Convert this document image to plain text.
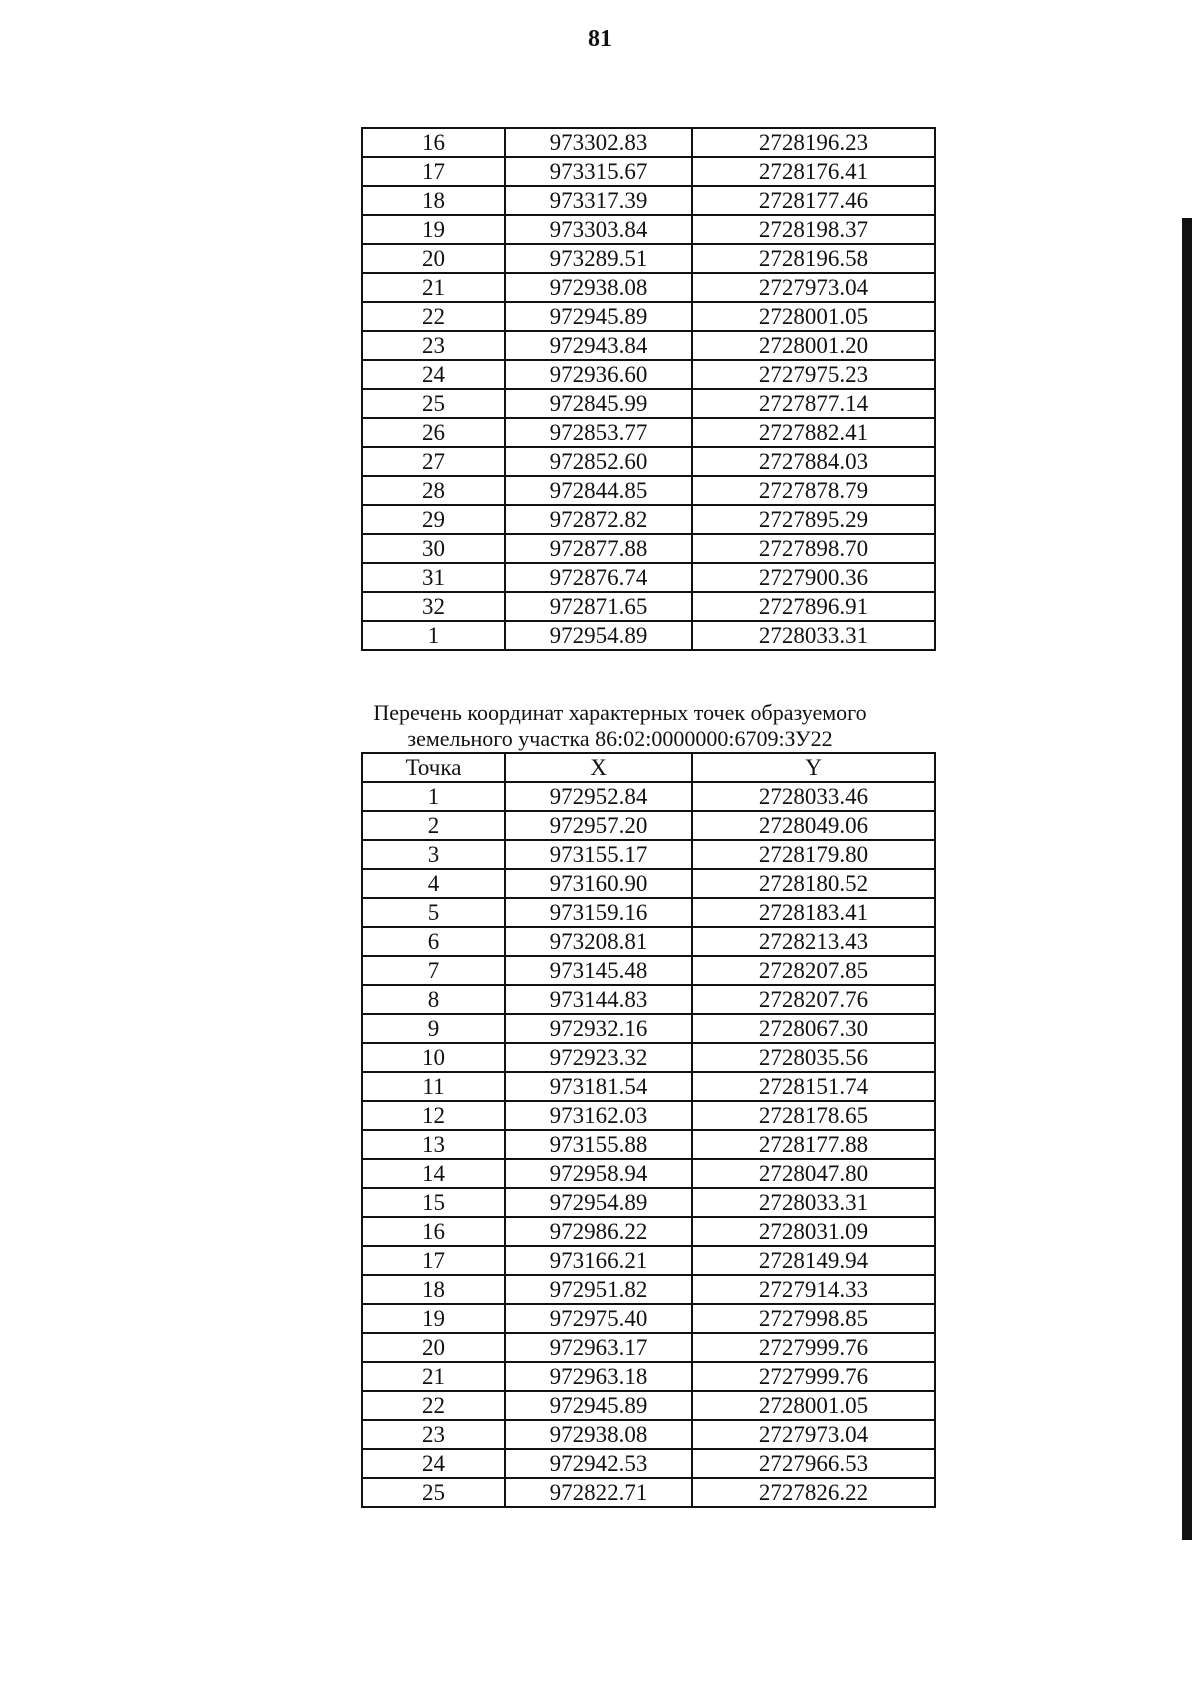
81
16	973302.83	2728196.23
17	973315.67	2728176.41
18	973317.39	2728177.46
19	973303.84	2728198.37
20	973289.51	2728196.58
21	972938.08	2727973.04
22	972945.89	2728001.05
23	972943.84	2728001.20
24	972936.60	2727975.23
25	972845.99	2727877.14
26	972853.77	2727882.41
27	972852.60	2727884.03
28	972844.85	2727878.79
29	972872.82	2727895.29
30	972877.88	2727898.70
31	972876.74	2727900.36
32	972871.65	2727896.91
1	972954.89	2728033.31
Перечень координат характерных точек образуемого
земельного участка 86:02:0000000:6709:ЗУ22
Точка	X	Y
1	972952.84	2728033.46
2	972957.20	2728049.06
3	973155.17	2728179.80
4	973160.90	2728180.52
5	973159.16	2728183.41
6	973208.81	2728213.43
7	973145.48	2728207.85
8	973144.83	2728207.76
9	972932.16	2728067.30
10	972923.32	2728035.56
11	973181.54	2728151.74
12	973162.03	2728178.65
13	973155.88	2728177.88
14	972958.94	2728047.80
15	972954.89	2728033.31
16	972986.22	2728031.09
17	973166.21	2728149.94
18	972951.82	2727914.33
19	972975.40	2727998.85
20	972963.17	2727999.76
21	972963.18	2727999.76
22	972945.89	2728001.05
23	972938.08	2727973.04
24	972942.53	2727966.53
25	972822.71	2727826.22
